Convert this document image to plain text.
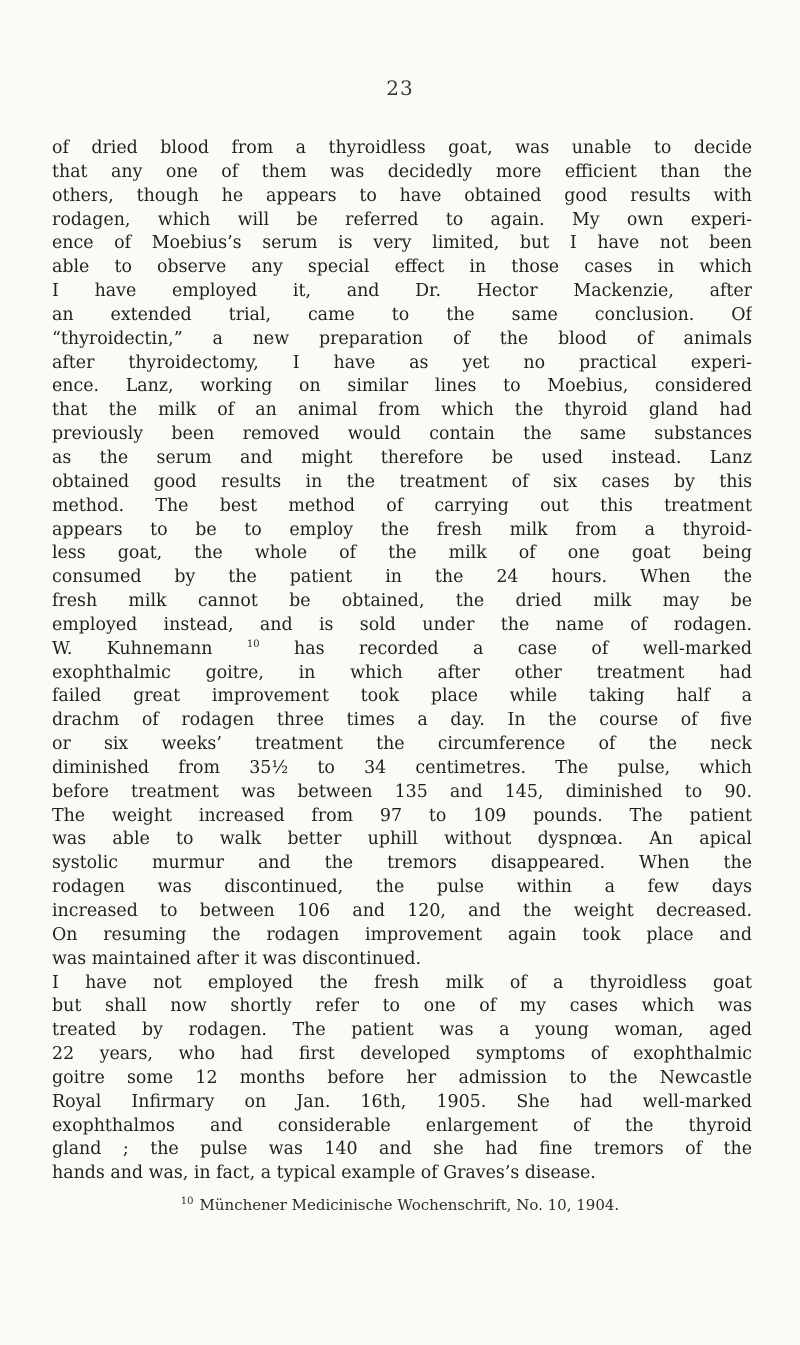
23
of dried blood from a thyroidless goat, was unable to decide
that any one of them was decidedly more efficient than the
others, though he appears to have obtained good results with
rodagen, which will be referred to again. My own experi-
ence of Moebius’s serum is very limited, but I have not been
able to observe any special effect in those cases in which
I have employed it, and Dr. Hector Mackenzie, after
an extended trial, came to the same conclusion. Of
“thyroidectin,” a new preparation of the blood of animals
after thyroidectomy, I have as yet no practical experi-
ence. Lanz, working on similar lines to Moebius, considered
that the milk of an animal from which the thyroid gland had
previously been removed would contain the same substances
as the serum and might therefore be used instead. Lanz
obtained good results in the treatment of six cases by this
method. The best method of carrying out this treatment
appears to be to employ the fresh milk from a thyroid-
less goat, the whole of the milk of one goat being
consumed by the patient in the 24 hours. When the
fresh milk cannot be obtained, the dried milk may be
employed instead, and is sold under the name of rodagen.
W. Kuhnemann $^{10}$ has recorded a case of well-marked
exophthalmic goitre, in which after other treatment had
failed great improvement took place while taking half a
drachm of rodagen three times a day. In the course of five
or six weeks’ treatment the circumference of the neck
diminished from 35½ to 34 centimetres. The pulse, which
before treatment was between 135 and 145, diminished to 90.
The weight increased from 97 to 109 pounds. The patient
was able to walk better uphill without dyspnœa. An apical
systolic murmur and the tremors disappeared. When the
rodagen was discontinued, the pulse within a few days
increased to between 106 and 120, and the weight decreased.
On resuming the rodagen improvement again took place and
was maintained after it was discontinued.
I have not employed the fresh milk of a thyroidless goat
but shall now shortly refer to one of my cases which was
treated by rodagen. The patient was a young woman, aged
22 years, who had first developed symptoms of exophthalmic
goitre some 12 months before her admission to the Newcastle
Royal Infirmary on Jan. 16th, 1905. She had well-marked
exophthalmos and considerable enlargement of the thyroid
gland ; the pulse was 140 and she had fine tremors of the
hands and was, in fact, a typical example of Graves’s disease.
$^{10}$ Münchener Medicinische Wochenschrift, No. 10, 1904.
